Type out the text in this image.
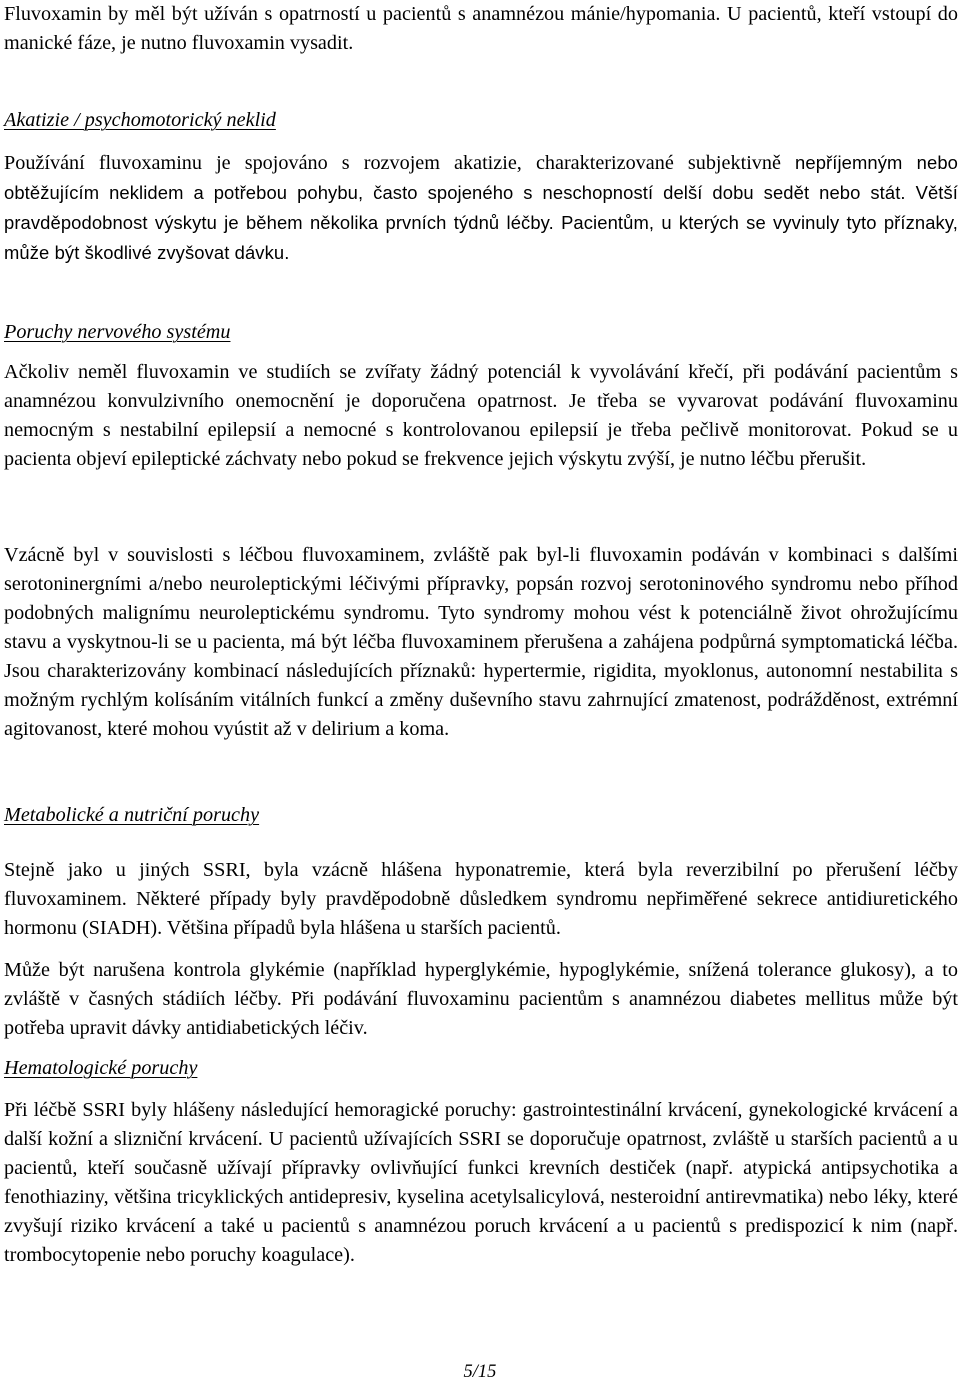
Fluvoxamin by měl být užíván s opatrností u pacientů s anamnézou mánie/hypomania. U pacientů, kteří vstoupí do manické fáze, je nutno fluvoxamin vysadit.

Akatizie / psychomotorický neklid

Používání fluvoxaminu je spojováno s rozvojem akatizie, charakterizované subjektivně nepříjemným nebo obtěžujícím neklidem a potřebou pohybu, často spojeného s neschopností delší dobu sedět nebo stát. Větší pravděpodobnost výskytu je během několika prvních týdnů léčby. Pacientům, u kterých se vyvinuly tyto příznaky, může být škodlivé zvyšovat dávku.

Poruchy nervového systému

Ačkoliv neměl fluvoxamin ve studiích se zvířaty žádný potenciál k vyvolávání křečí, při podávání pacientům s anamnézou konvulzivního onemocnění je doporučena opatrnost. Je třeba se vyvarovat podávání fluvoxaminu nemocným s nestabilní epilepsií a nemocné s kontrolovanou epilepsií je třeba pečlivě monitorovat. Pokud se u pacienta objeví epileptické záchvaty nebo pokud se frekvence jejich výskytu zvýší, je nutno léčbu přerušit.

Vzácně byl v souvislosti s léčbou fluvoxaminem, zvláště pak byl-li fluvoxamin podáván v kombinaci s dalšími serotoninergními a/nebo neuroleptickými léčivými přípravky, popsán rozvoj serotoninového syndromu nebo příhod podobných malignímu neuroleptickému syndromu. Tyto syndromy mohou vést k potenciálně život ohrožujícímu stavu a vyskytnou-li se u pacienta, má být léčba fluvoxaminem přerušena a zahájena podpůrná symptomatická léčba. Jsou charakterizovány kombinací následujících příznaků: hypertermie, rigidita, myoklonus, autonomní nestabilita s možným rychlým kolísáním vitálních funkcí a změny duševního stavu zahrnující zmatenost, podrážděnost, extrémní agitovanost, které mohou vyústit až v delirium a koma.

Metabolické a nutriční poruchy

Stejně jako u jiných SSRI, byla vzácně hlášena hyponatremie, která byla reverzibilní po přerušení léčby fluvoxaminem. Některé případy byly pravděpodobně důsledkem syndromu nepřiměřené sekrece antidiuretického hormonu (SIADH). Většina případů byla hlášena u starších pacientů.

Může být narušena kontrola glykémie (například hyperglykémie, hypoglykémie, snížená tolerance glukosy), a to zvláště v časných stádiích léčby. Při podávání fluvoxaminu pacientům s anamnézou diabetes mellitus může být potřeba upravit dávky antidiabetických léčiv.

Hematologické poruchy

Při léčbě SSRI byly hlášeny následující hemoragické poruchy: gastrointestinální krvácení, gynekologické krvácení a další kožní a slizniční krvácení. U pacientů užívajících SSRI se doporučuje opatrnost, zvláště u starších pacientů a u pacientů, kteří současně užívají přípravky ovlivňující funkci krevních destiček (např. atypická antipsychotika a fenothiaziny, většina tricyklických antidepresiv, kyselina acetylsalicylová, nesteroidní antirevmatika) nebo léky, které zvyšují riziko krvácení a také u pacientů s anamnézou poruch krvácení a u pacientů s predispozicí k nim (např. trombocytopenie nebo poruchy koagulace).

5/15
